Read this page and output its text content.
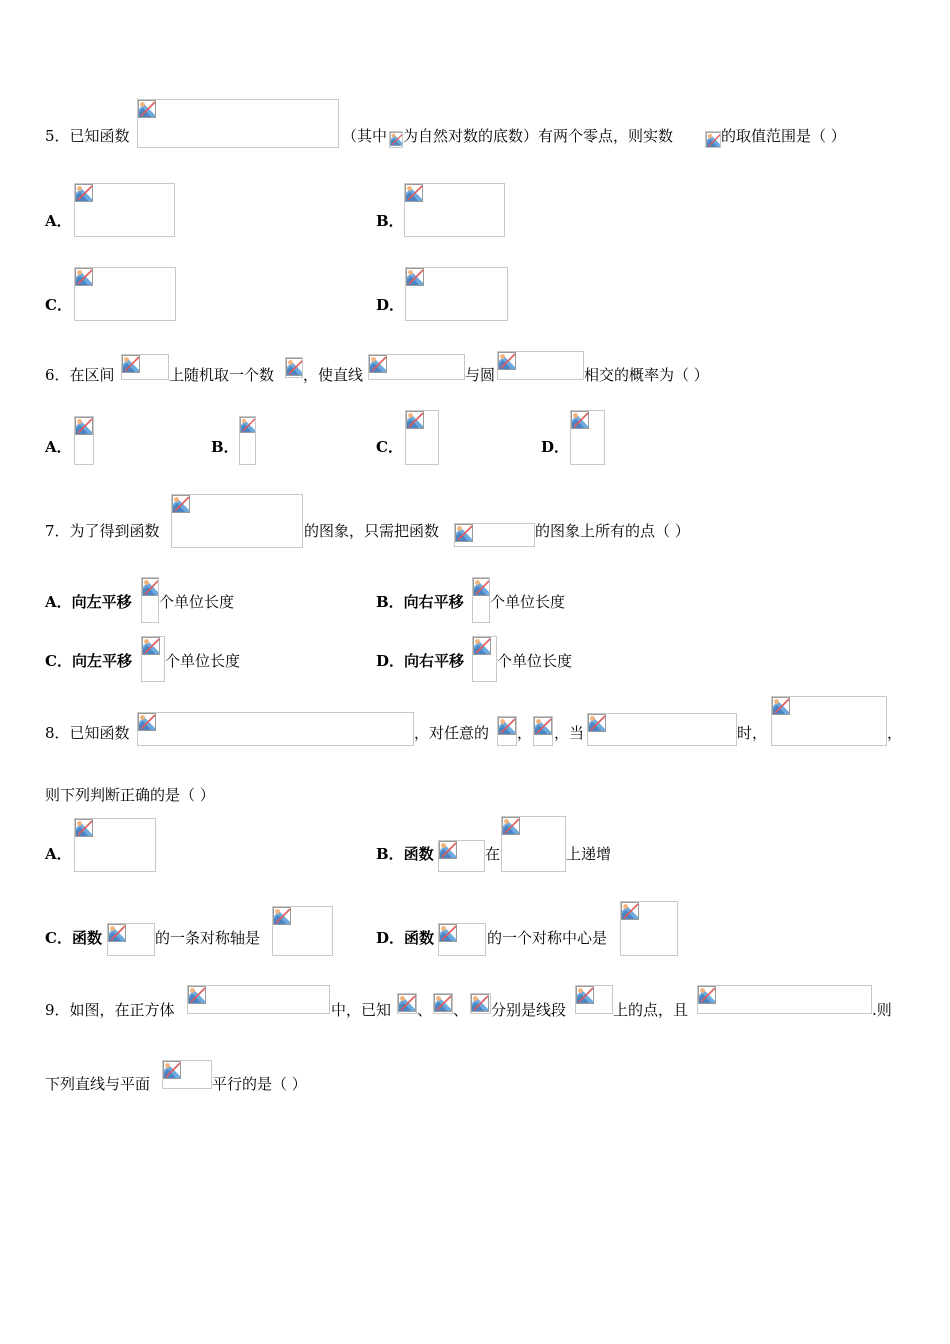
5．已知函数	（其中 为自然对数的底数）有两个零点，则实数	的取值范围是（ ）
A．	B．
C．	D．
6．在区间	上随机取一个数 ，使直线	与圆	相交的概率为（ ）
A．	B．	C．	D．
7．为了得到函数	的图象，只需把函数	的图象上所有的点（ ）
A．向左平移 个单位长度	B．向右平移 个单位长度
C．向左平移 个单位长度	D．向右平移 个单位长度
8．已知函数	，对任意的 ， ，当	时，	，
则下列判断正确的是（ ）
A．	B．函数	在	上递增
C．函数	的一条对称轴是	D．函数	的一个对称中心是
9．如图，在正方体	中，已知 、 、 分别是线段	上的点，且	.则
下列直线与平面	平行的是（ ）
